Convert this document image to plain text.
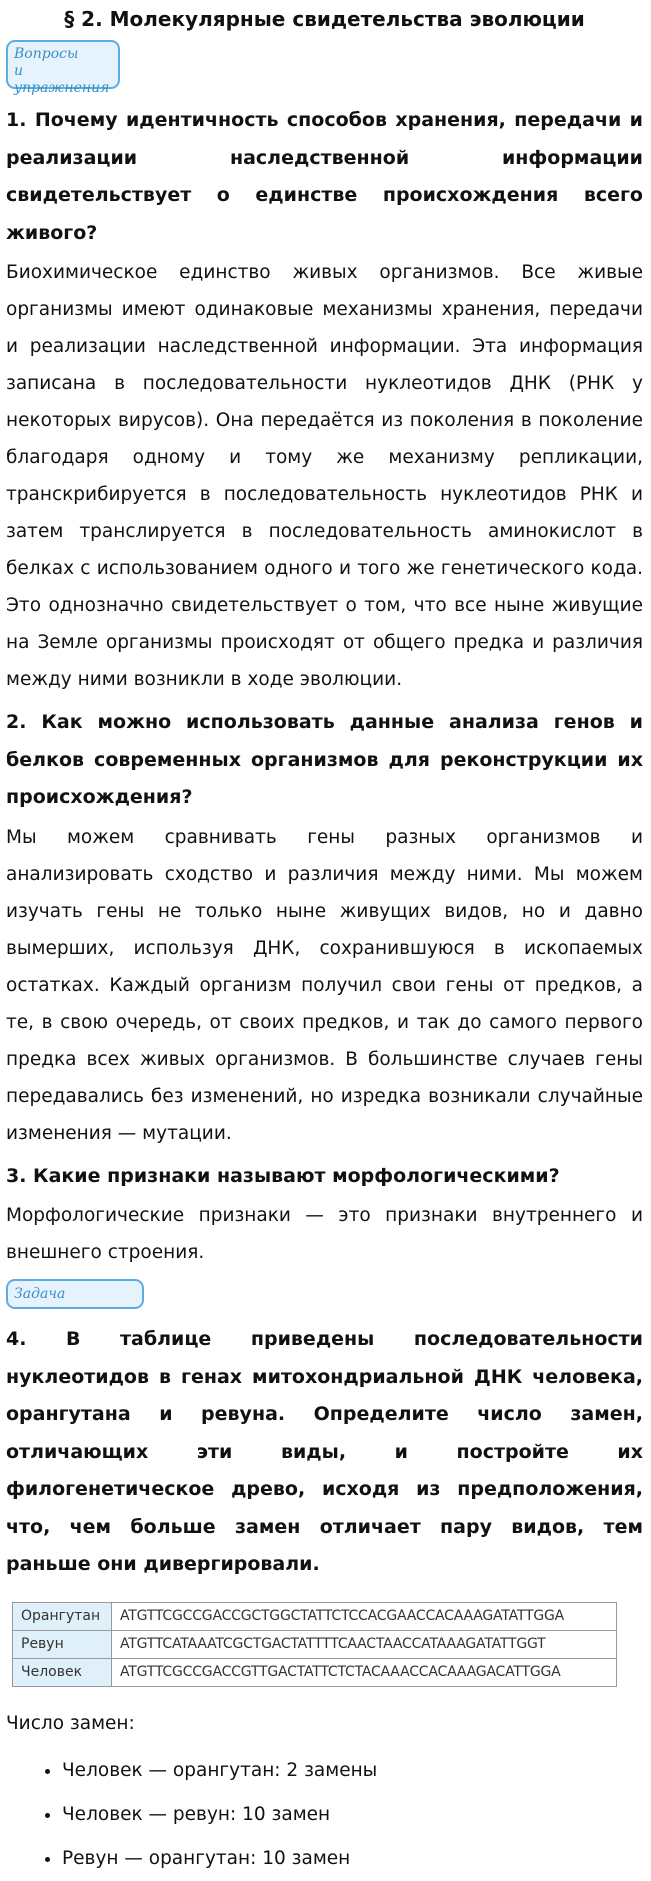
§ 2. Молекулярные свидетельства эволюции
Вопросы
и упражнения

1. Почему идентичность способов хранения, передачи и реализации наследственной информации свидетельствует о единстве происхождения всего живого?

Биохимическое единство живых организмов. Все живые организмы имеют одинаковые механизмы хранения, передачи и реализации наследственной информации. Эта информация записана в последовательности нуклеотидов ДНК (РНК у некоторых вирусов). Она передаётся из поколения в поколение благодаря одному и тому же механизму репликации, транскрибируется в последовательность нуклеотидов РНК и затем транслируется в последовательность аминокислот в белках с использованием одного и того же генетического кода. Это однозначно свидетельствует о том, что все ныне живущие на Земле организмы происходят от общего предка и различия между ними возникли в ходе эволюции.

2. Как можно использовать данные анализа генов и белков современных организмов для реконструкции их происхождения?

Мы можем сравнивать гены разных организмов и анализировать сходство и различия между ними. Мы можем изучать гены не только ныне живущих видов, но и давно вымерших, используя ДНК, сохранившуюся в ископаемых остатках. Каждый организм получил свои гены от предков, а те, в свою очередь, от своих предков, и так до самого первого предка всех живых организмов. В большинстве случаев гены передавались без изменений, но изредка возникали случайные изменения — мутации.

3. Какие признаки называют морфологическими?

Морфологические признаки — это признаки внутреннего и внешнего строения.

Задача

4. В таблице приведены последовательности нуклеотидов в генах митохондриальной ДНК человека, орангутана и ревуна. Определите число замен, отличающих эти виды, и постройте их филогенетическое древо, исходя из предположения, что, чем больше замен отличает пару видов, тем раньше они дивергировали.

Орангутан	ATGTTCGCCGACCGCTGGCTATTCTCCACGAACCACAAAGATATTGGA
Ревун	ATGTTCATAAATCGCTGACTATTTTCAACTAACCATAAAGATATTGGT
Человек	ATGTTCGCCGACCGTTGACTATTCTCTACAAACCACAAAGACATTGGA

Число замен:

• Человек — орангутан: 2 замены
• Человек — ревун: 10 замен
• Ревун — орангутан: 10 замен
